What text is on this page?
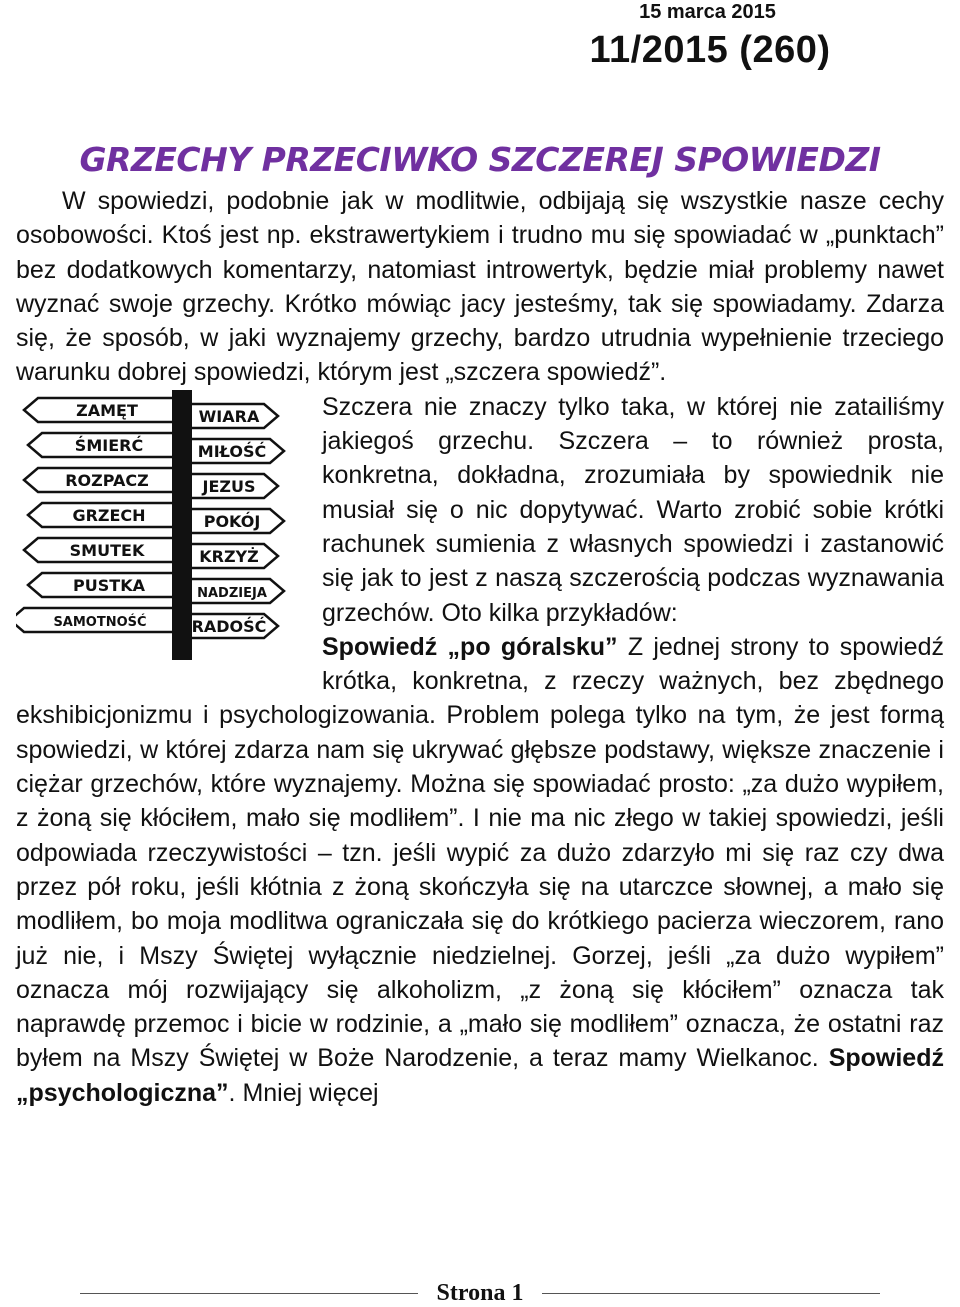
15 marca 2015
11/2015 (260)
GRZECHY PRZECIWKO SZCZEREJ SPOWIEDZI

W spowiedzi, podobnie jak w modlitwie, odbijają się wszystkie nasze cechy osobowości. Ktoś jest np. ekstrawertykiem i trudno mu się spowiadać w „punktach” bez dodatkowych komentarzy, natomiast introwertyk, będzie miał problemy nawet wyznać swoje grzechy. Krótko mówiąc jacy jesteśmy, tak się spowiadamy. Zdarza się, że sposób, w jaki wyznajemy grzechy, bardzo utrudnia wypełnienie trzeciego warunku dobrej spowiedzi, którym jest „szczera spowiedź”.

ZAMĘT
ŚMIERĆ
ROZPACZ
GRZECH
SMUTEK
PUSTKA
SAMOTNOŚĆ
WIARA
MIŁOŚĆ
JEZUS
POKÓJ
KRZYŻ
NADZIEJA
RADOŚĆ

Szczera nie znaczy tylko taka, w której nie zatailiśmy jakiegoś grzechu. Szczera – to również prosta, konkretna, dokładna, zrozumiała by spowiednik nie musiał się o nic dopytywać. Warto zrobić sobie krótki rachunek sumienia z własnych spowiedzi i zastanowić się jak to jest z naszą szczerością podczas wyznawania grzechów. Oto kilka przykładów:

Spowiedź „po góralsku” Z jednej strony to spowiedź krótka, konkretna, z rzeczy ważnych, bez zbędnego ekshibicjonizmu i psychologizowania. Problem polega tylko na tym, że jest formą spowiedzi, w której zdarza nam się ukrywać głębsze podstawy, większe znaczenie i ciężar grzechów, które wyznajemy. Można się spowiadać prosto: „za dużo wypiłem, z żoną się kłóciłem, mało się modliłem”. I nie ma nic złego w takiej spowiedzi, jeśli odpowiada rzeczywistości – tzn. jeśli wypić za dużo zdarzyło mi się raz czy dwa przez pół roku, jeśli kłótnia z żoną skończyła się na utarczce słownej, a mało się modliłem, bo moja modlitwa ograniczała się do krótkiego pacierza wieczorem, rano już nie, i Mszy Świętej wyłącznie niedzielnej. Gorzej, jeśli „za dużo wypiłem” oznacza mój rozwijający się alkoholizm, „z żoną się kłóciłem” oznacza tak naprawdę przemoc i bicie w rodzinie, a „mało się modliłem” oznacza, że ostatni raz byłem na Mszy Świętej w Boże Narodzenie, a teraz mamy Wielkanoc. Spowiedź „psychologiczna”. Mniej więcej

Strona 1
